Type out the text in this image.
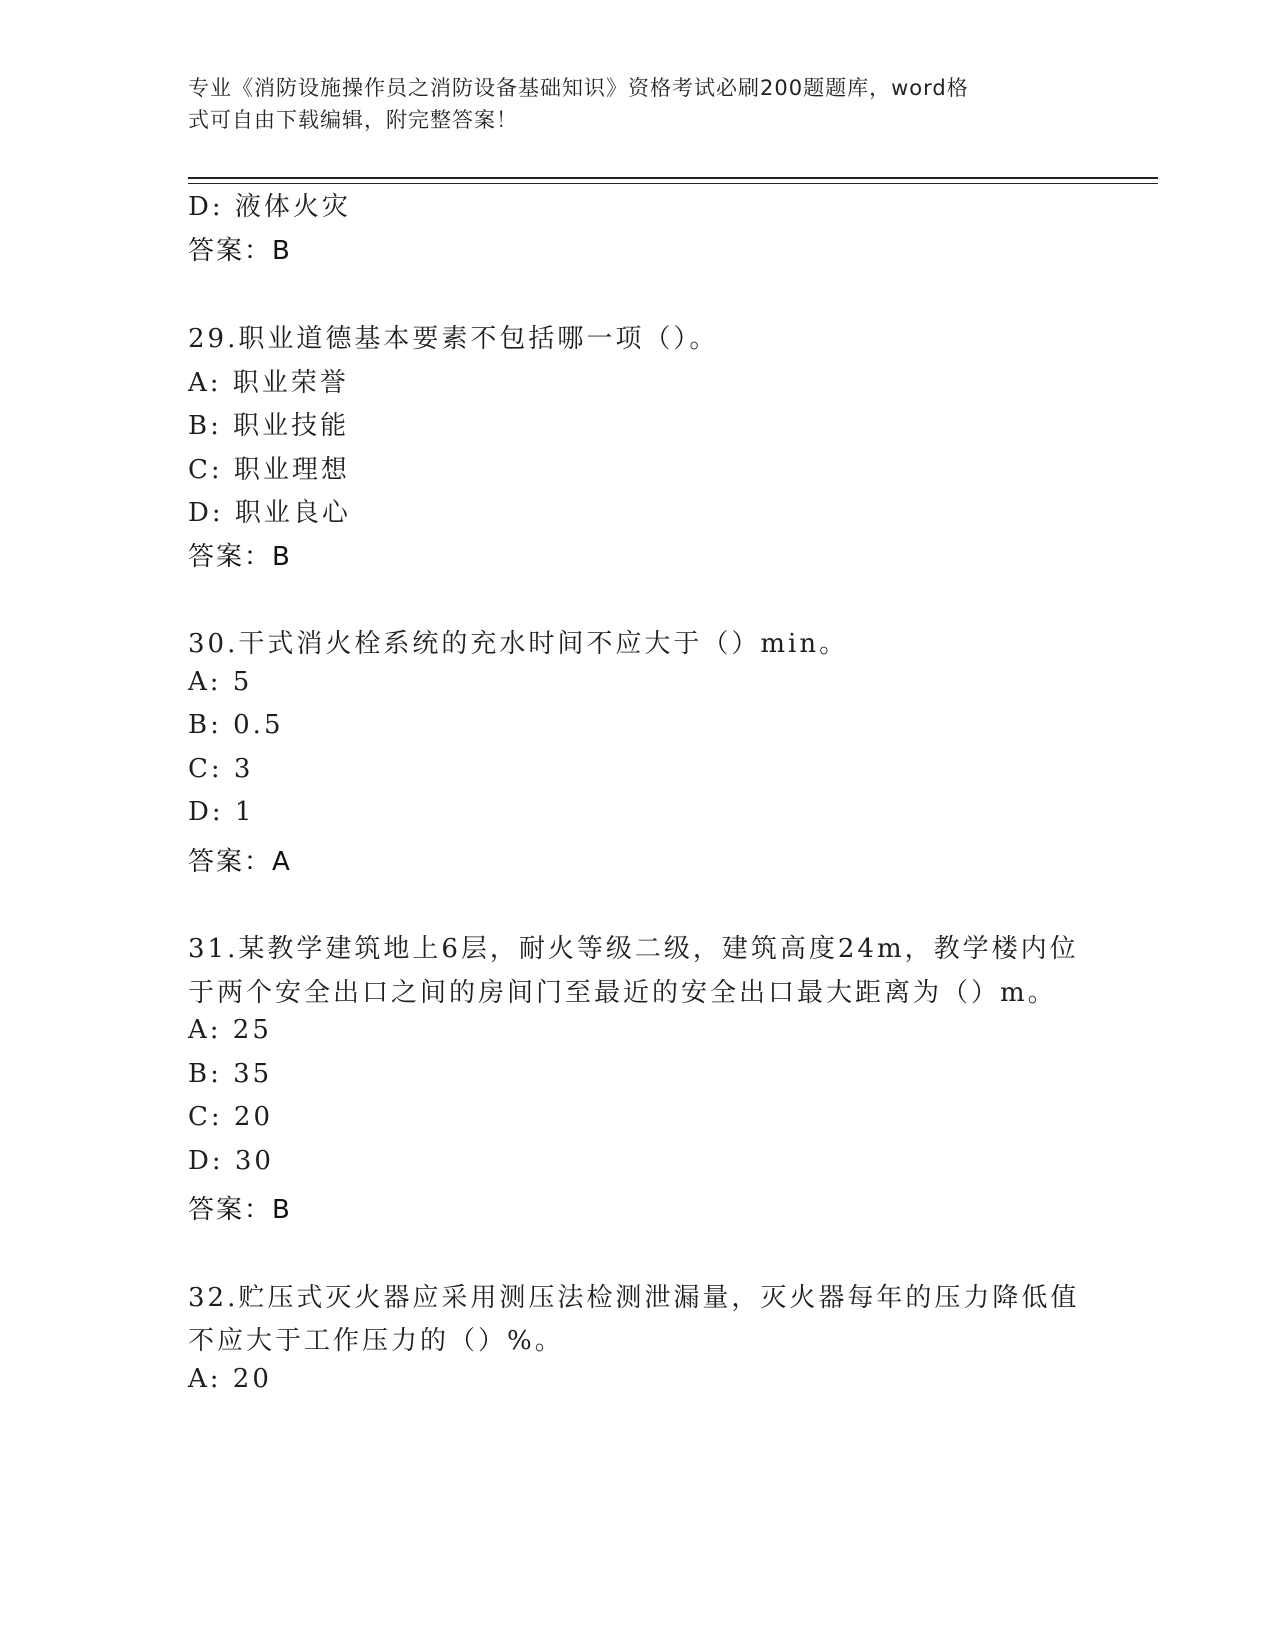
专业《消防设施操作员之消防设备基础知识》资格考试必刷200题题库，word格
式可自由下载编辑，附完整答案！
D: 液体火灾
答案：B
29.职业道德基本要素不包括哪一项（）。
A: 职业荣誉
B: 职业技能
C: 职业理想
D: 职业良心
答案：B
30.干式消火栓系统的充水时间不应大于（）min。
A: 5
B: 0.5
C: 3
D: 1
答案：A
31.某教学建筑地上6层，耐火等级二级，建筑高度24m，教学楼内位
于两个安全出口之间的房间门至最近的安全出口最大距离为（）m。
A: 25
B: 35
C: 20
D: 30
答案：B
32.贮压式灭火器应采用测压法检测泄漏量，灭火器每年的压力降低值
不应大于工作压力的（）%。
A: 20
